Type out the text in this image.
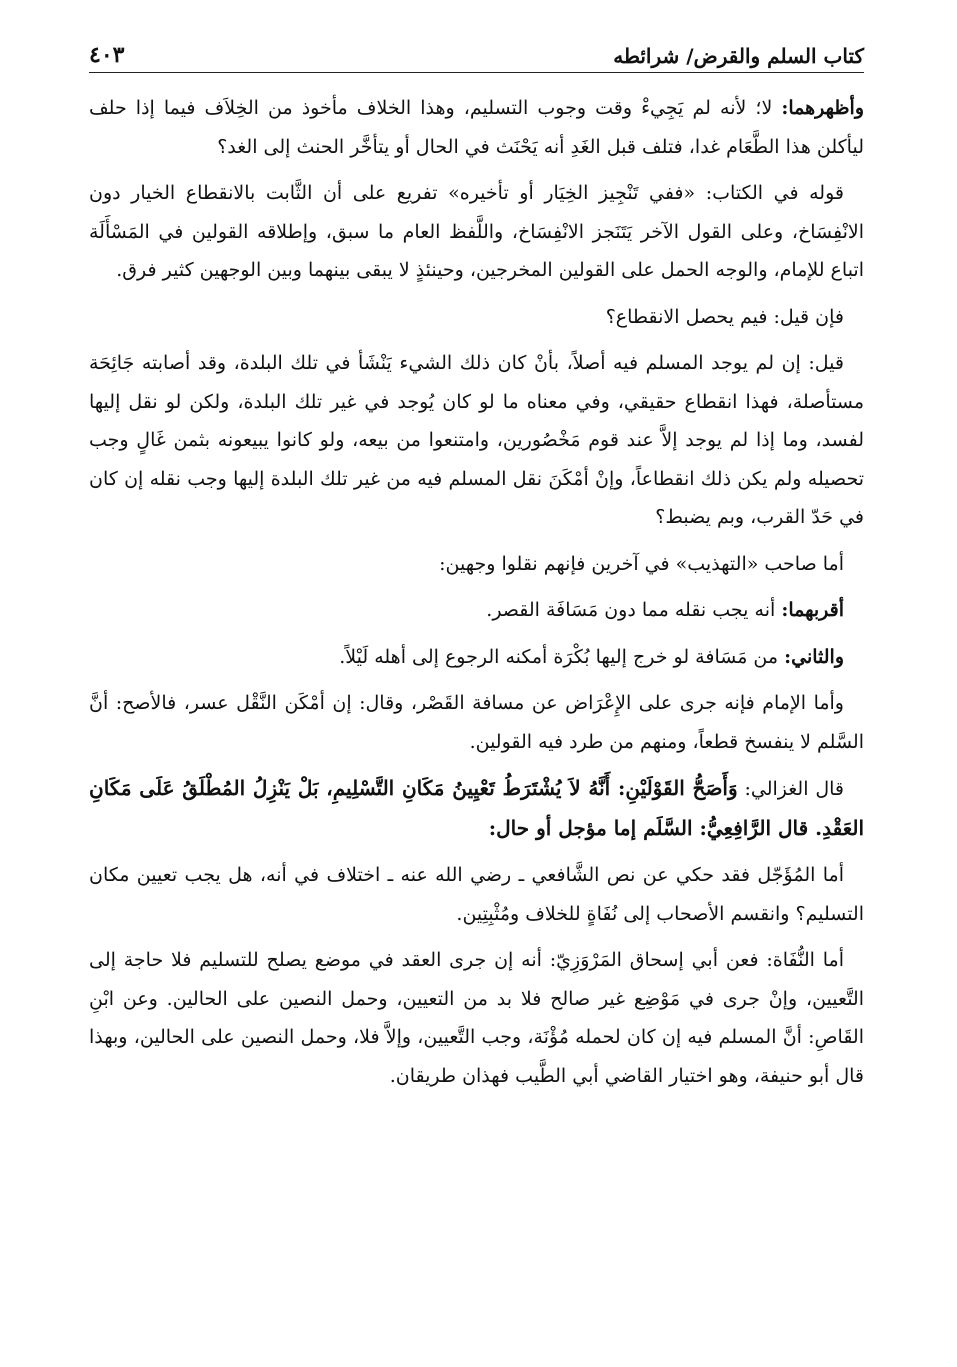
كتاب السلم والقرض/ شرائطه
٤٠٣

وأظهرهما: لا؛ لأنه لم يَجِيءْ وقت وجوب التسليم، وهذا الخلاف مأخوذ من الخِلاَف فيما إذا حلف ليأكلن هذا الطَّعَام غدا، فتلف قبل الغَدِ أنه يَحْنَث في الحال أو يتأخَّر الحنث إلى الغد؟

قوله في الكتاب: «ففي تَنْجِيز الخِيَار أو تأخيره» تفريع على أن الثَّابت بالانقطاع الخيار دون الانْفِسَاخ، وعلى القول الآخر يَتَنَجز الانْفِسَاخ، واللَّفظ العام ما سبق، وإطلاقه القولين في المَسْأَلَة اتباع للإمام، والوجه الحمل على القولين المخرجين، وحينئذٍ لا يبقى بينهما وبين الوجهين كثير فرق.

فإن قيل: فيم يحصل الانقطاع؟

قيل: إن لم يوجد المسلم فيه أصلاً، بأنْ كان ذلك الشيء يَنْشَأ في تلك البلدة، وقد أصابته جَائِحَة مستأصلة، فهذا انقطاع حقيقي، وفي معناه ما لو كان يُوجد في غير تلك البلدة، ولكن لو نقل إليها لفسد، وما إذا لم يوجد إلاَّ عند قوم مَخْصُورين، وامتنعوا من بيعه، ولو كانوا يبيعونه بثمن غَالٍ وجب تحصيله ولم يكن ذلك انقطاعاً، وإنْ أمْكَنَ نقل المسلم فيه من غير تلك البلدة إليها وجب نقله إن كان في حَدّ القرب، وبم يضبط؟

أما صاحب «التهذيب» في آخرين فإنهم نقلوا وجهين:

أقربهما: أنه يجب نقله مما دون مَسَافَة القصر.

والثاني: من مَسَافة لو خرج إليها بُكْرَة أمكنه الرجوع إلى أهله لَيْلاً.

وأما الإمام فإنه جرى على الإِعْرَاض عن مسافة القَصْر، وقال: إن أمْكَن النَّقْل عسر، فالأصح: أنَّ السَّلم لا ينفسخ قطعاً، ومنهم من طرد فيه القولين.

قال الغزالي: وَأَصَحُّ القَوْلَيْنِ: أَنَّهُ لاَ يُشْتَرَطُ تَعْيِينُ مَكَانِ التَّسْلِيمِ، بَلْ يَنْزِلُ المُطْلَقُ عَلَى مَكَانِ العَقْدِ. قال الرَّافِعِيُّ: السَّلَم إما مؤجل أو حال:

أما المُؤَجّل فقد حكي عن نص الشَّافعي ـ رضي الله عنه ـ اختلاف في أنه، هل يجب تعيين مكان التسليم؟ وانقسم الأصحاب إلى نُفَاةٍ للخلاف ومُثْبِتِين.

أما النُّفَاة: فعن أبي إسحاق المَرْوَزِيّ: أنه إن جرى العقد في موضع يصلح للتسليم فلا حاجة إلى التَّعيين، وإنْ جرى في مَوْضِع غير صالح فلا بد من التعيين، وحمل النصين على الحالين. وعن ابْنِ القَاصِ: أنَّ المسلم فيه إن كان لحمله مُؤْنَة، وجب التَّعيين، وإلاَّ فلا، وحمل النصين على الحالين، وبهذا قال أبو حنيفة، وهو اختيار القاضي أبي الطَّيب فهذان طريقان.
